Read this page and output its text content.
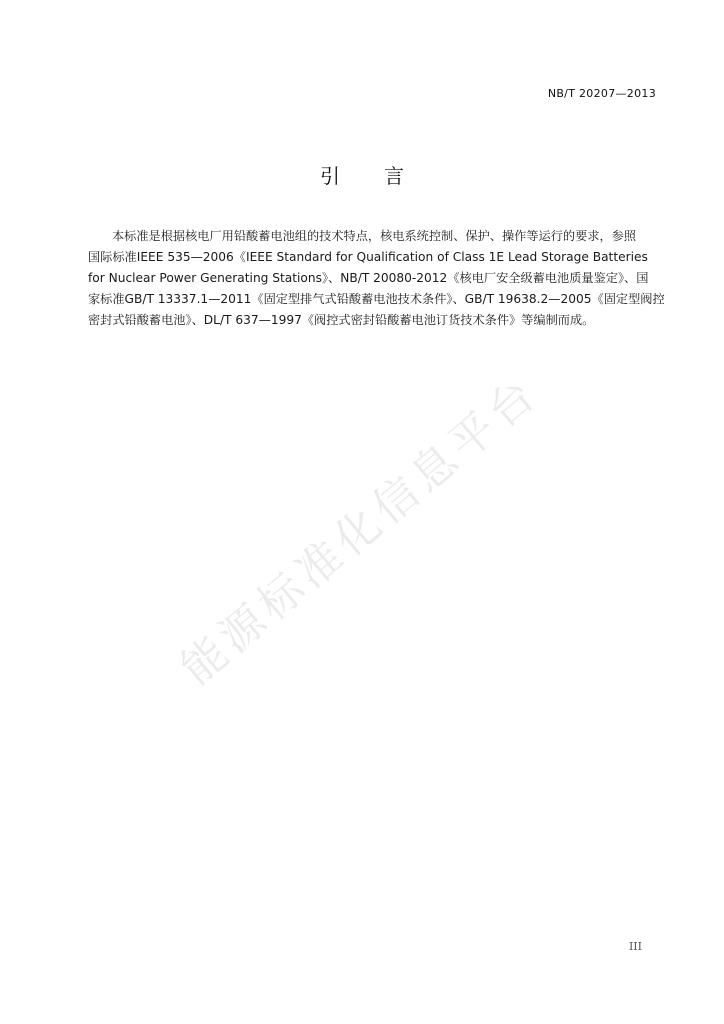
NB/T 20207—2013
引 言
本标准是根据核电厂用铅酸蓄电池组的技术特点，核电系统控制、保护、操作等运行的要求，参照
国际标准IEEE 535—2006《IEEE Standard for Qualification of Class 1E Lead Storage Batteries
for Nuclear Power Generating Stations》、NB/T 20080-2012《核电厂安全级蓄电池质量鉴定》、国
家标准GB/T 13337.1—2011《固定型排气式铅酸蓄电池技术条件》、GB/T 19638.2—2005《固定型阀控
密封式铅酸蓄电池》、DL/T 637—1997《阀控式密封铅酸蓄电池订货技术条件》等编制而成。
能源标准化信息平台
III
